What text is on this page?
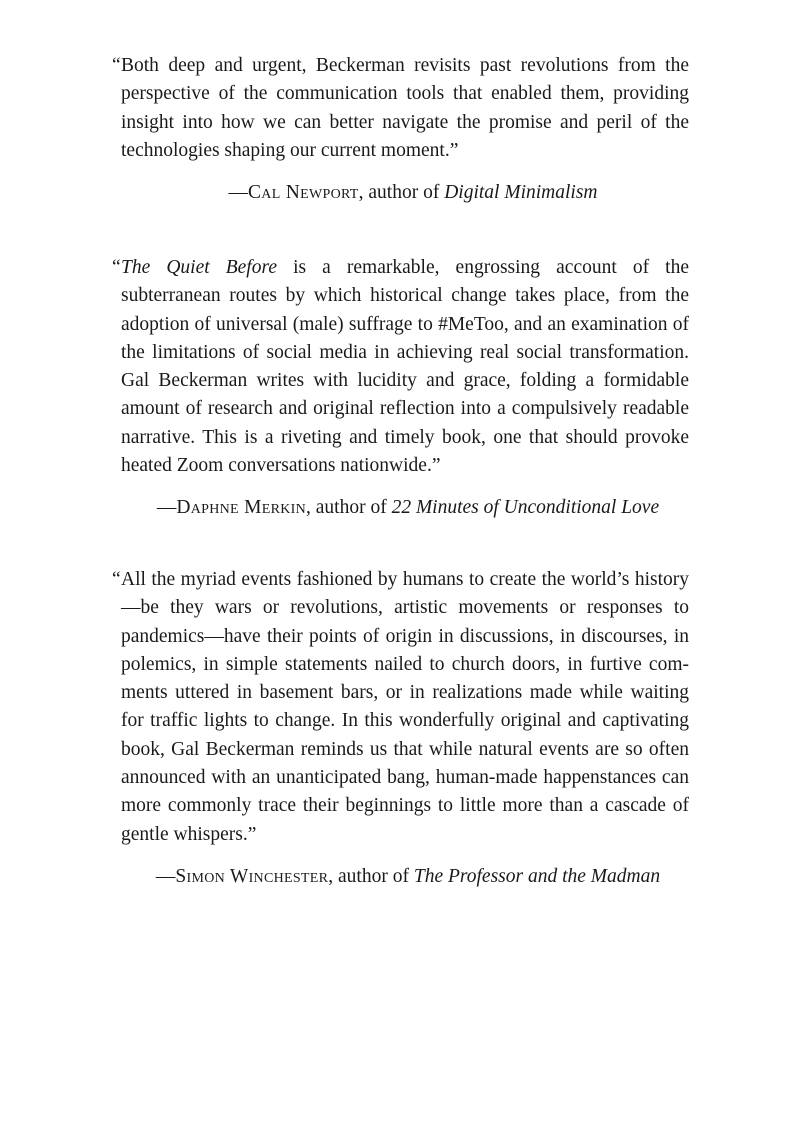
“ Both deep and urgent, Beckerman revisits past revolutions from the perspective of the communication tools that enabled them, providing insight into how we can better navigate the promise and peril of the technologies shaping our current moment.”

—Cal Newport, author of Digital Minimalism

“ The Quiet Before is a remarkable, engrossing account of the subterranean routes by which historical change takes place, from the adoption of universal (male) suffrage to #MeToo, and an examination of the limitations of social media in achieving real social transformation. Gal Beckerman writes with lucidity and grace, folding a formidable amount of research and original reflection into a compulsively readable narrative. This is a riveting and timely book, one that should provoke heated Zoom conversations nationwide.”

—Daphne Merkin, author of 22 Minutes of Unconditional Love

“ All the myriad events fashioned by humans to create the world’s history—be they wars or revolutions, artistic movements or responses to pandemics—have their points of origin in discussions, in discourses, in polemics, in simple statements nailed to church doors, in furtive comments uttered in basement bars, or in realizations made while waiting for traffic lights to change. In this wonderfully original and captivating book, Gal Beckerman reminds us that while natural events are so often announced with an unanticipated bang, human-made happenstances can more commonly trace their beginnings to little more than a cascade of gentle whispers.”

—Simon Winchester, author of The Professor and the Madman
